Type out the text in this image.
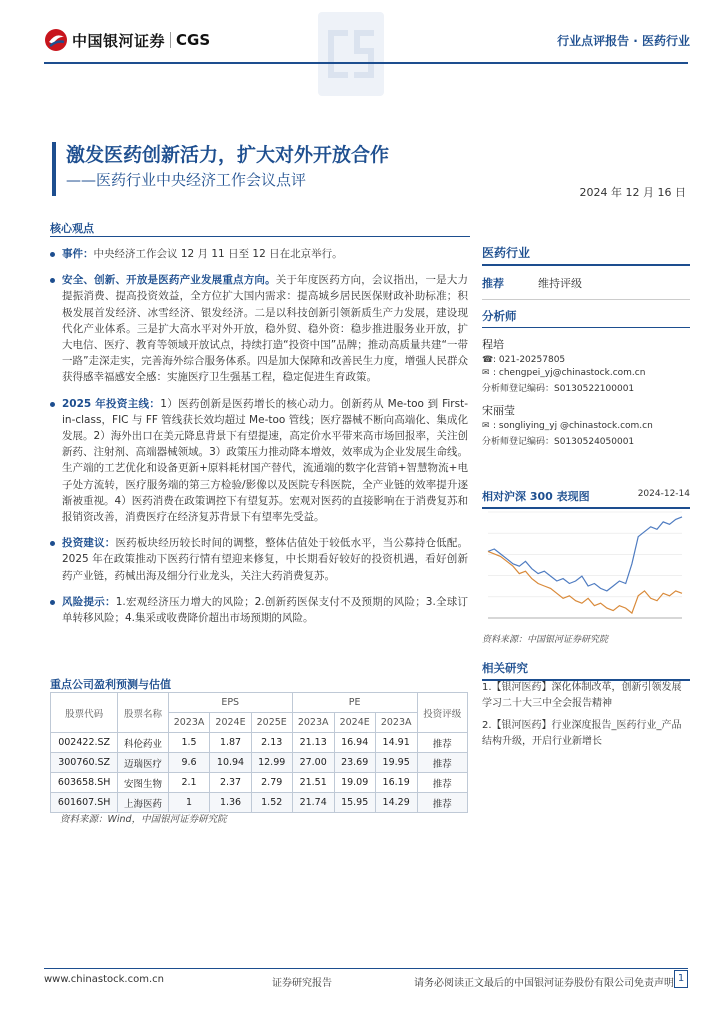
中国银河证券 CGS	行业点评报告 · 医药行业
激发医药创新活力，扩大对外开放合作
——医药行业中央经济工作会议点评
2024 年 12 月 16 日
核心观点
事件：中央经济工作会议 12 月 11 日至 12 日在北京举行。
安全、创新、开放是医药产业发展重点方向。关于年度医药方向，会议指出，一是大力提振消费、提高投资效益，全方位扩大国内需求：提高城乡居民医保财政补助标准；积极发展首发经济、冰雪经济、银发经济。二是以科技创新引领新质生产力发展，建设现代化产业体系。三是扩大高水平对外开放，稳外贸、稳外资：稳步推进服务业开放，扩大电信、医疗、教育等领域开放试点，持续打造“投资中国”品牌；推动高质量共建“一带一路”走深走实，完善海外综合服务体系。四是加大保障和改善民生力度，增强人民群众获得感幸福感安全感：实施医疗卫生强基工程，稳定促进生育政策。
2025 年投资主线：1）医药创新是医药增长的核心动力。创新药从 Me-too 到 First-in-class，FIC 与 FF 管线获长效均超过 Me-too 管线；医疗器械不断向高端化、集成化发展。2）海外出口在美元降息背景下有望提速，高定价水平带来高市场回报率，关注创新药、注射剂、高端器械领域。3）政策压力推动降本增效，效率成为企业发展生命线。生产端的工艺优化和设备更新+原料耗材国产替代，流通端的数字化营销+智慧物流+电子处方流转，医疗服务端的第三方检验/影像以及医院专科医院，全产业链的效率提升逐渐被重视。4）医药消费在政策调控下有望复苏。宏观对医药的直接影响在于消费复苏和报销资改善，消费医疗在经济复苏背景下有望率先受益。
投资建议：医药板块经历较长时间的调整，整体估值处于较低水平，当公募持仓低配。2025 年在政策推动下医药行情有望迎来修复，中长期看好较好的投资机遇，看好创新药产业链，药械出海及细分行业龙头，关注大药消费复苏。
风险提示：1.宏观经济压力增大的风险；2.创新药医保支付不及预期的风险；3.全球订单转移风险；4.集采或收费降价超出市场预期的风险。
重点公司盈利预测与估值
股票代码	股票名称	EPS			PE			投资评级
		2023A	2024E	2025E	2023A	2024E	2023A	
002422.SZ	科伦药业	1.5	1.87	2.13	21.13	16.94	14.91	推荐
300760.SZ	迈瑞医疗	9.6	10.94	12.99	27.00	23.69	19.95	推荐
603658.SH	安图生物	2.1	2.37	2.79	21.51	19.09	16.19	推荐
601607.SH	上海医药	1	1.36	1.52	21.74	15.95	14.29	推荐
资料来源：Wind，中国银河证券研究院
医药行业
推荐	维持评级
分析师
程培
☎ : 021-20257805
✉ : chengpei_yj@chinastock.com.cn
分析师登记编码：S0130522100001
宋丽莹
✉ : songliying_yj @chinastock.com.cn
分析师登记编码：S0130524050001
相对沪深 300 表现图	2024-12-14
资料来源：中国银河证券研究院
相关研究
1.【银河医药】深化体制改革，创新引领发展 学习二十大三中全会报告精神
2.【银河医药】行业深度报告_医药行业_产品结构升级，开启行业新增长
www.chinastock.com.cn	证券研究报告	请务必阅读正文最后的中国银河证券股份有限公司免责声明 1
